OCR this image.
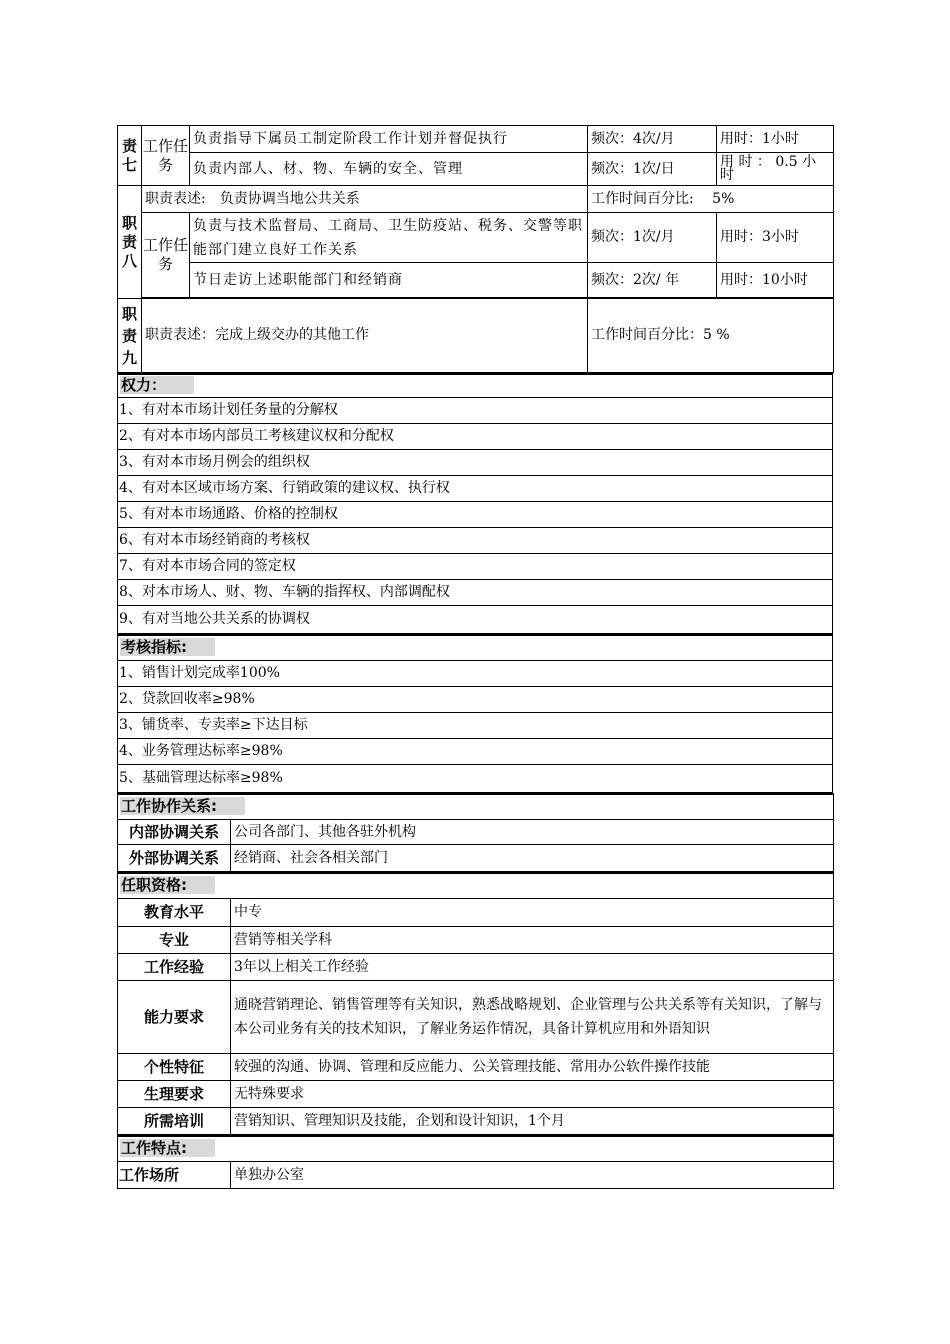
责七	工作任务	负责指导下属员工制定阶段工作计划并督促执行	频次：4次/月	用时：1小时
		负责内部人、材、物、车辆的安全、管理	频次：1次/日	用 时 ： 0.5 小时
职责八	职责表述:　负责协调当地公共关系		工作时间百分比:　 5%	
	工作任务	负责与技术监督局、工商局、卫生防疫站、税务、交警等职能部门建立良好工作关系	频次：1次/月	用时：3小时
		节日走访上述职能部门和经销商	频次：2次/ 年	用时：10小时

职责九	职责表述：完成上级交办的其他工作		工作时间百分比：5 %	
权力：
1、有对本市场计划任务量的分解权
2、有对本市场内部员工考核建议权和分配权
3、有对本市场月例会的组织权
4、有对本区域市场方案、行销政策的建议权、执行权
5、有对本市场通路、价格的控制权
6、有对本市场经销商的考核权
7、有对本市场合同的签定权
8、对本市场人、财、物、车辆的指挥权、内部调配权
9、有对当地公共关系的协调权
考核指标:
1、销售计划完成率100%
2、贷款回收率≥98%
3、铺货率、专卖率≥下达目标
4、业务管理达标率≥98%
5、基础管理达标率≥98%
工作协作关系:	
内部协调关系	公司各部门、其他各驻外机构
外部协调关系	经销商、社会各相关部门
任职资格:	
教育水平	中专
专业	营销等相关学科
工作经验	3年以上相关工作经验
能力要求	通晓营销理论、销售管理等有关知识，熟悉战略规划、企业管理与公共关系等有关知识，了解与本公司业务有关的技术知识，了解业务运作情况，具备计算机应用和外语知识
个性特征	较强的沟通、协调、管理和反应能力、公关管理技能、常用办公软件操作技能
生理要求	无特殊要求
所需培训	营销知识、管理知识及技能，企划和设计知识，1个月
工作特点:
工作场所	单独办公室
